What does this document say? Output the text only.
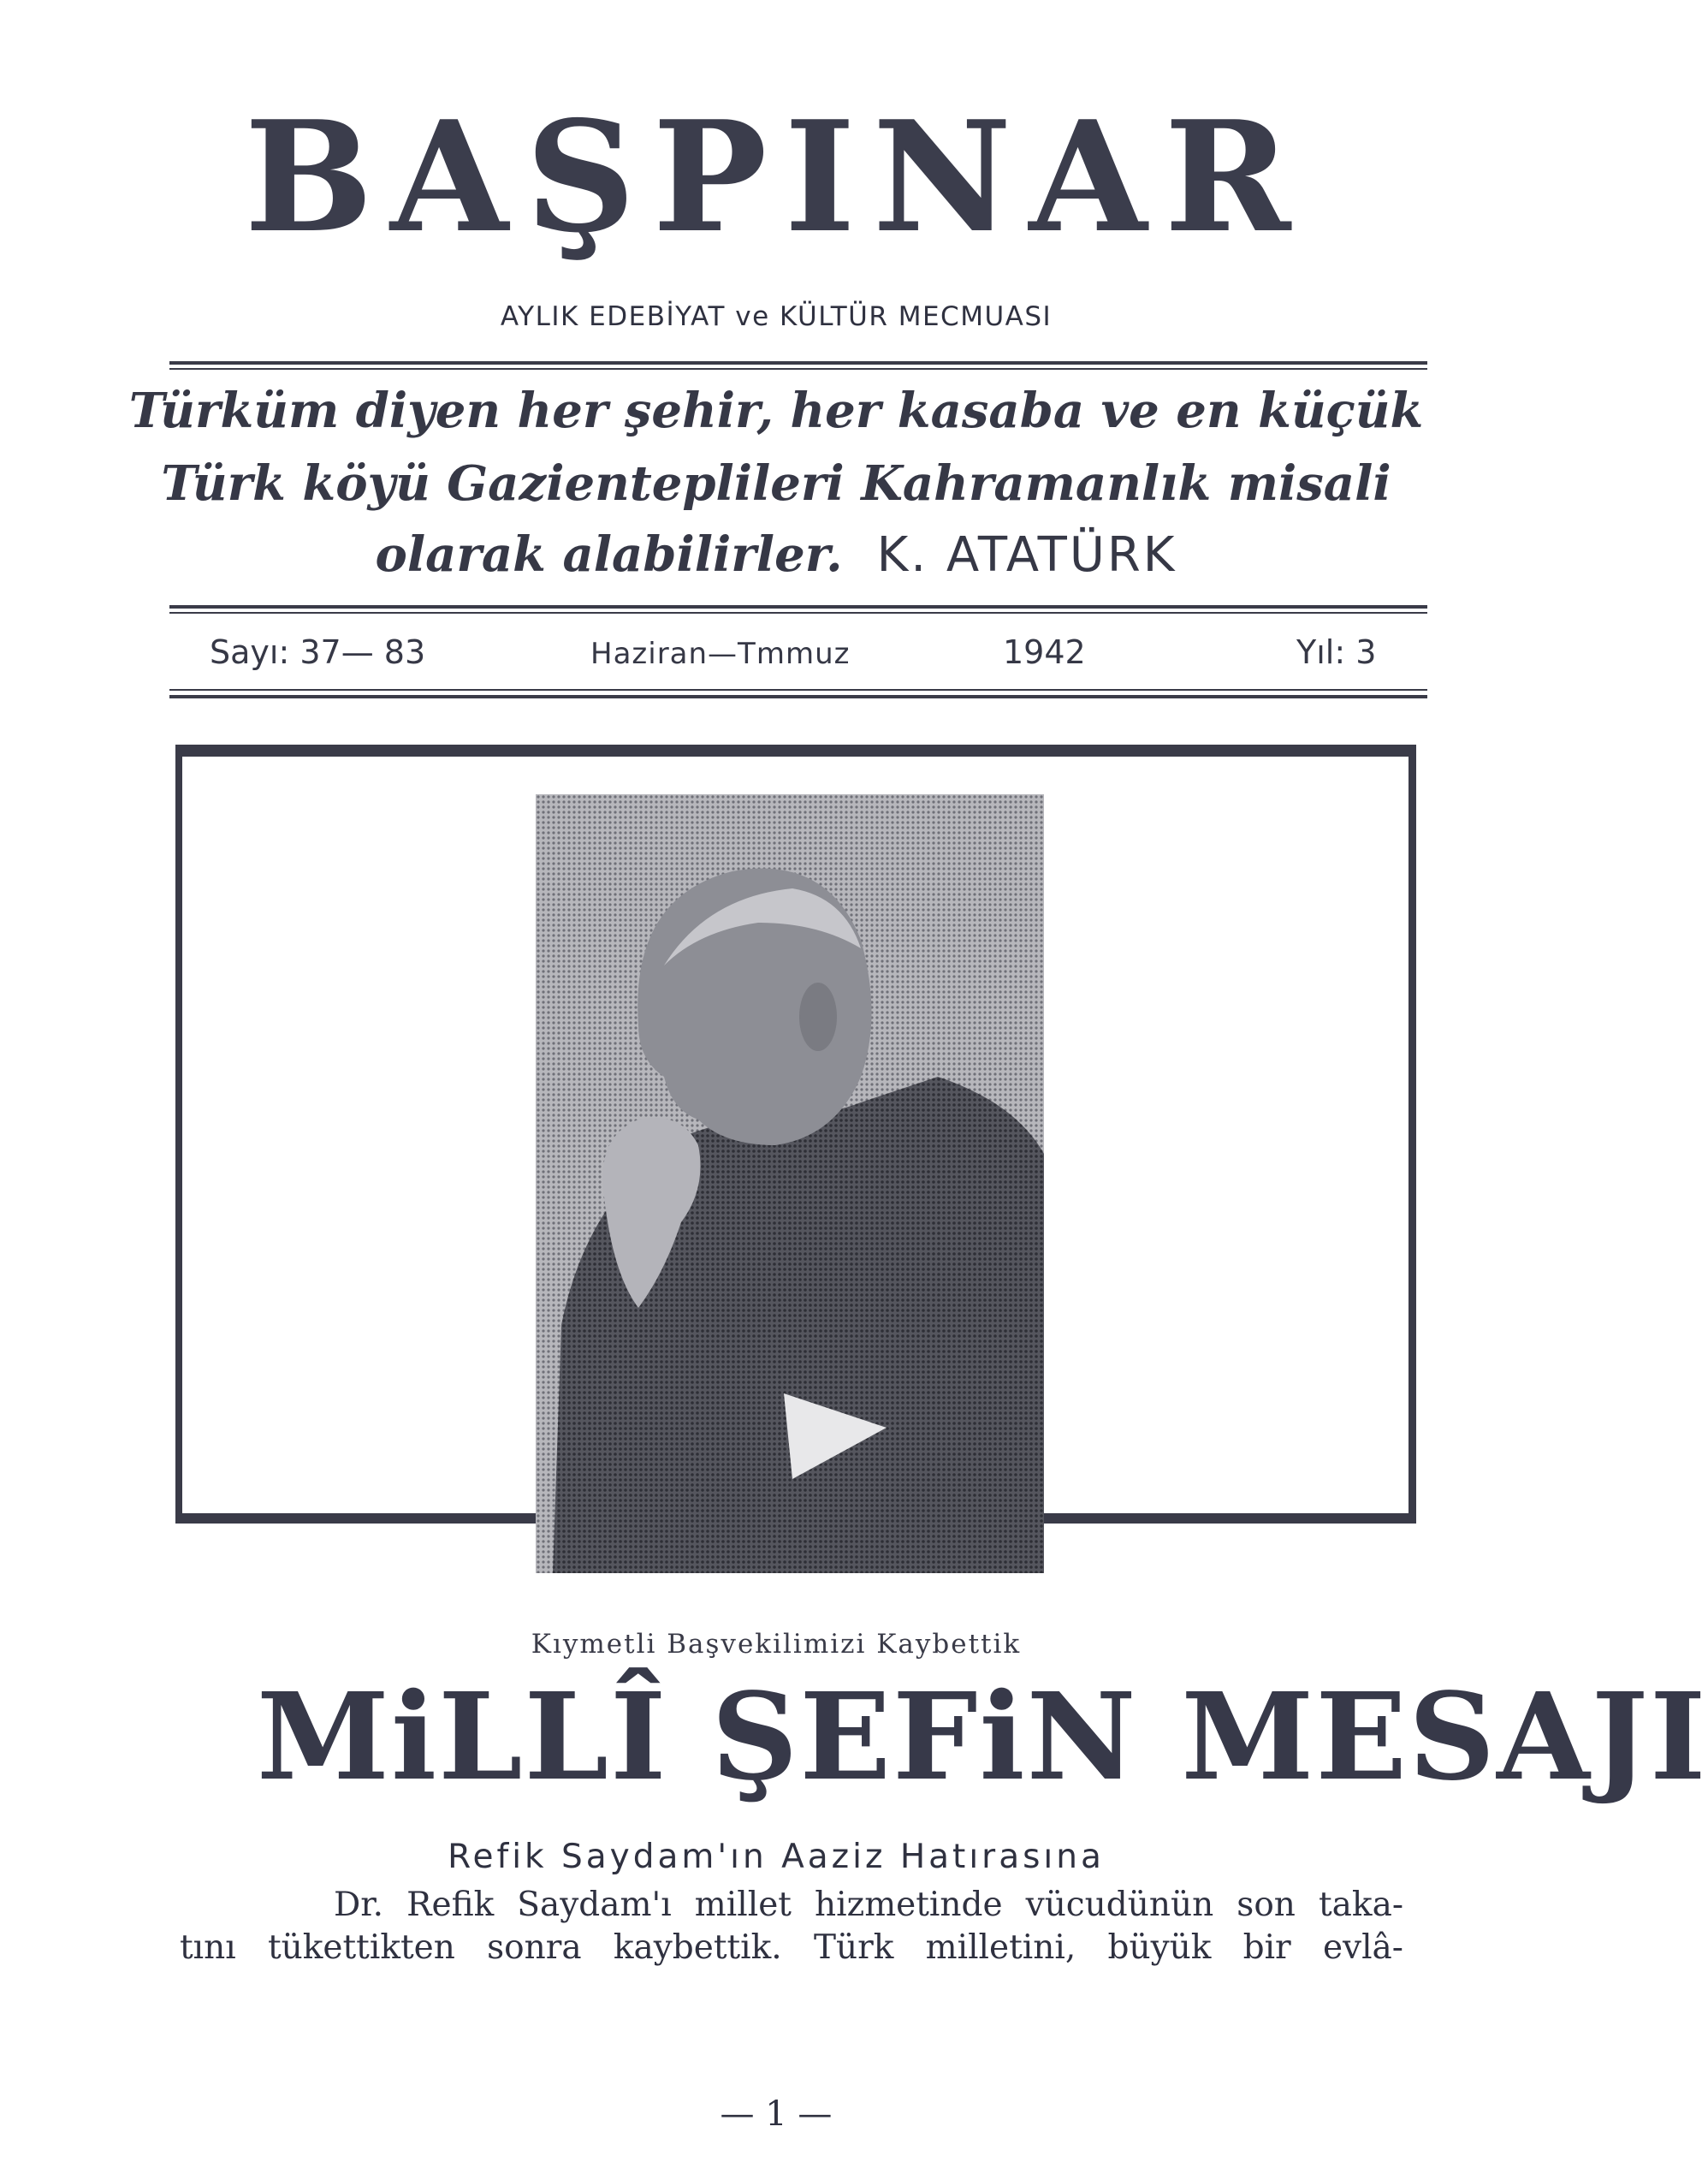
BAŞPINAR
AYLIK EDEBİYAT ve KÜLTÜR MECMUASI
Türküm diyen her şehir, her kasaba ve en küçük
Türk köyü Gazienteplileri Kahramanlık misali
olarak alabilirler. K. ATATÜRK
Sayı: 37— 83	Haziran—Tmmuz	1942	Yıl: 3
Kıymetli Başvekilimizi Kaybettik
MiLLÎ ŞEFiN MESAJI
Refik Saydam'ın Aaziz Hatırasına
Dr. Refik Saydam'ı millet hizmetinde vücudünün son taka-
tını tükettikten sonra kaybettik. Türk milletini, büyük bir evlâ-
— 1 —
